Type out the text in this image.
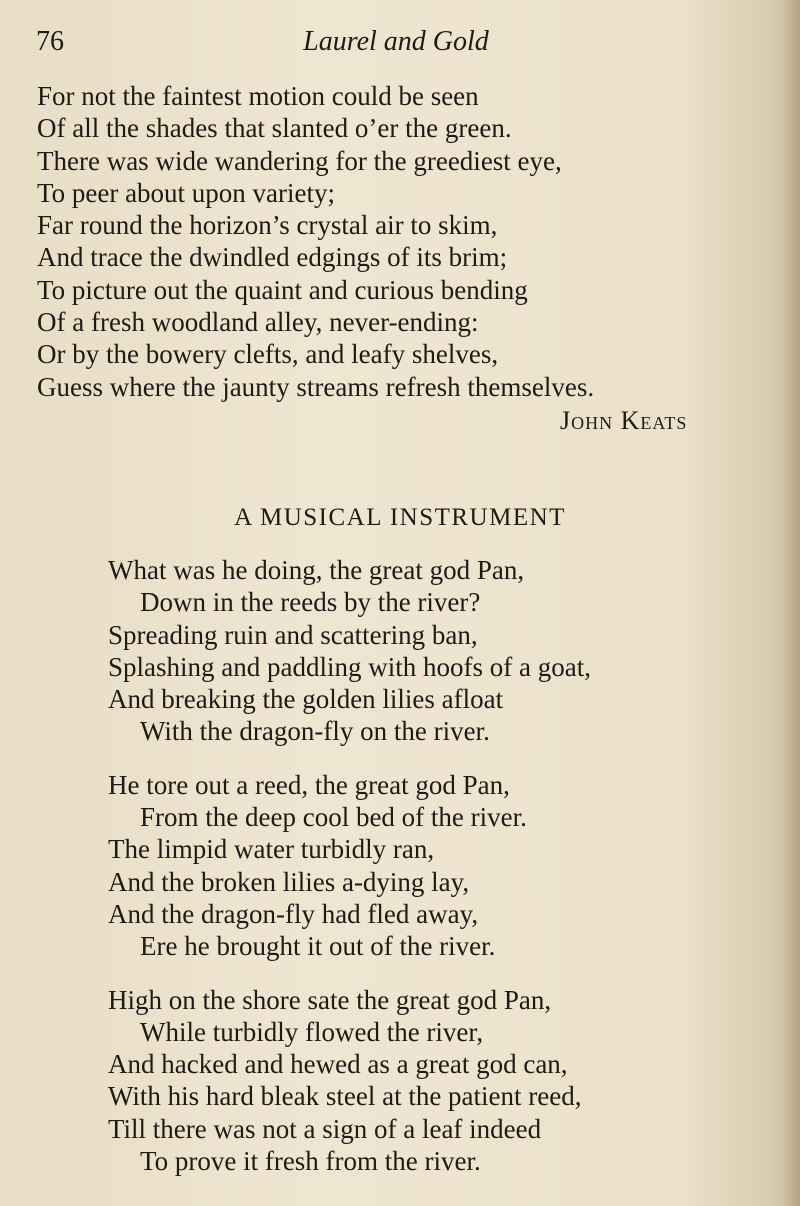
76	Laurel and Gold
For not the faintest motion could be seen
Of all the shades that slanted o’er the green.
There was wide wandering for the greediest eye,
To peer about upon variety;
Far round the horizon’s crystal air to skim,
And trace the dwindled edgings of its brim;
To picture out the quaint and curious bending
Of a fresh woodland alley, never-ending:
Or by the bowery clefts, and leafy shelves,
Guess where the jaunty streams refresh themselves.
John Keats
A MUSICAL INSTRUMENT
What was he doing, the great god Pan,
Down in the reeds by the river?
Spreading ruin and scattering ban,
Splashing and paddling with hoofs of a goat,
And breaking the golden lilies afloat
With the dragon-fly on the river.
He tore out a reed, the great god Pan,
From the deep cool bed of the river.
The limpid water turbidly ran,
And the broken lilies a-dying lay,
And the dragon-fly had fled away,
Ere he brought it out of the river.
High on the shore sate the great god Pan,
While turbidly flowed the river,
And hacked and hewed as a great god can,
With his hard bleak steel at the patient reed,
Till there was not a sign of a leaf indeed
To prove it fresh from the river.
